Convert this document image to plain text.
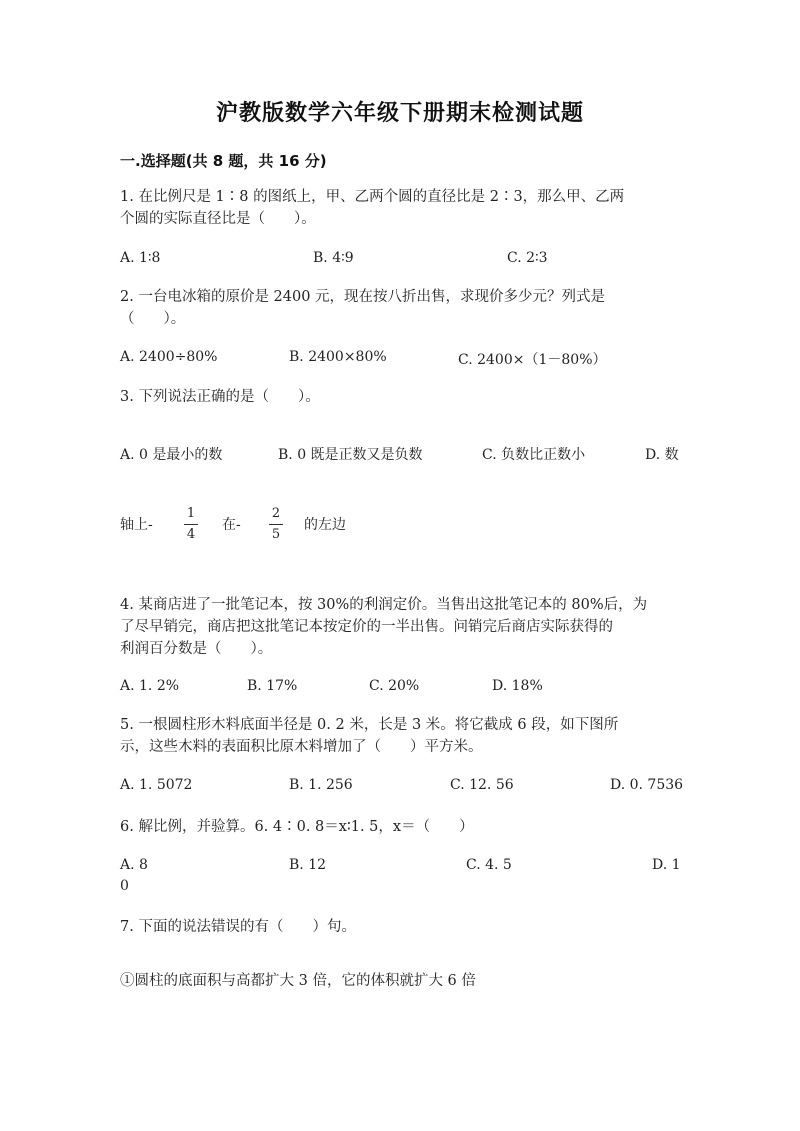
沪教版数学六年级下册期末检测试题
一.选择题(共 8 题，共 16 分)
1. 在比例尺是 1∶8 的图纸上，甲、乙两个圆的直径比是 2∶3，那么甲、乙两
个圆的实际直径比是（　　）。
A. 1∶8	B. 4∶9	C. 2∶3
2. 一台电冰箱的原价是 2400 元，现在按八折出售，求现价多少元？列式是
（　　）。
A. 2400÷80%	B. 2400×80%	C. 2400×（1－80%）
3. 下列说法正确的是（　　）。
A. 0 是最小的数	B. 0 既是正数又是负数	C. 负数比正数小	D. 数
轴上-
1
4
在-
2
5
的左边
4. 某商店进了一批笔记本，按 30%的利润定价。当售出这批笔记本的 80%后，为
了尽早销完，商店把这批笔记本按定价的一半出售。问销完后商店实际获得的
利润百分数是（　　）。
A. 1. 2%	B. 17%	C. 20%	D. 18%
5. 一根圆柱形木料底面半径是 0. 2 米，长是 3 米。将它截成 6 段，如下图所
示，这些木料的表面积比原木料增加了（　　）平方米。
A. 1. 5072	B. 1. 256	C. 12. 56	D. 0. 7536
6. 解比例，并验算。6. 4∶0. 8＝x∶1. 5，x＝（　　）
A. 8	B. 12	C. 4. 5	D. 1
0
7. 下面的说法错误的有（　　）句。
①圆柱的底面积与高都扩大 3 倍，它的体积就扩大 6 倍
